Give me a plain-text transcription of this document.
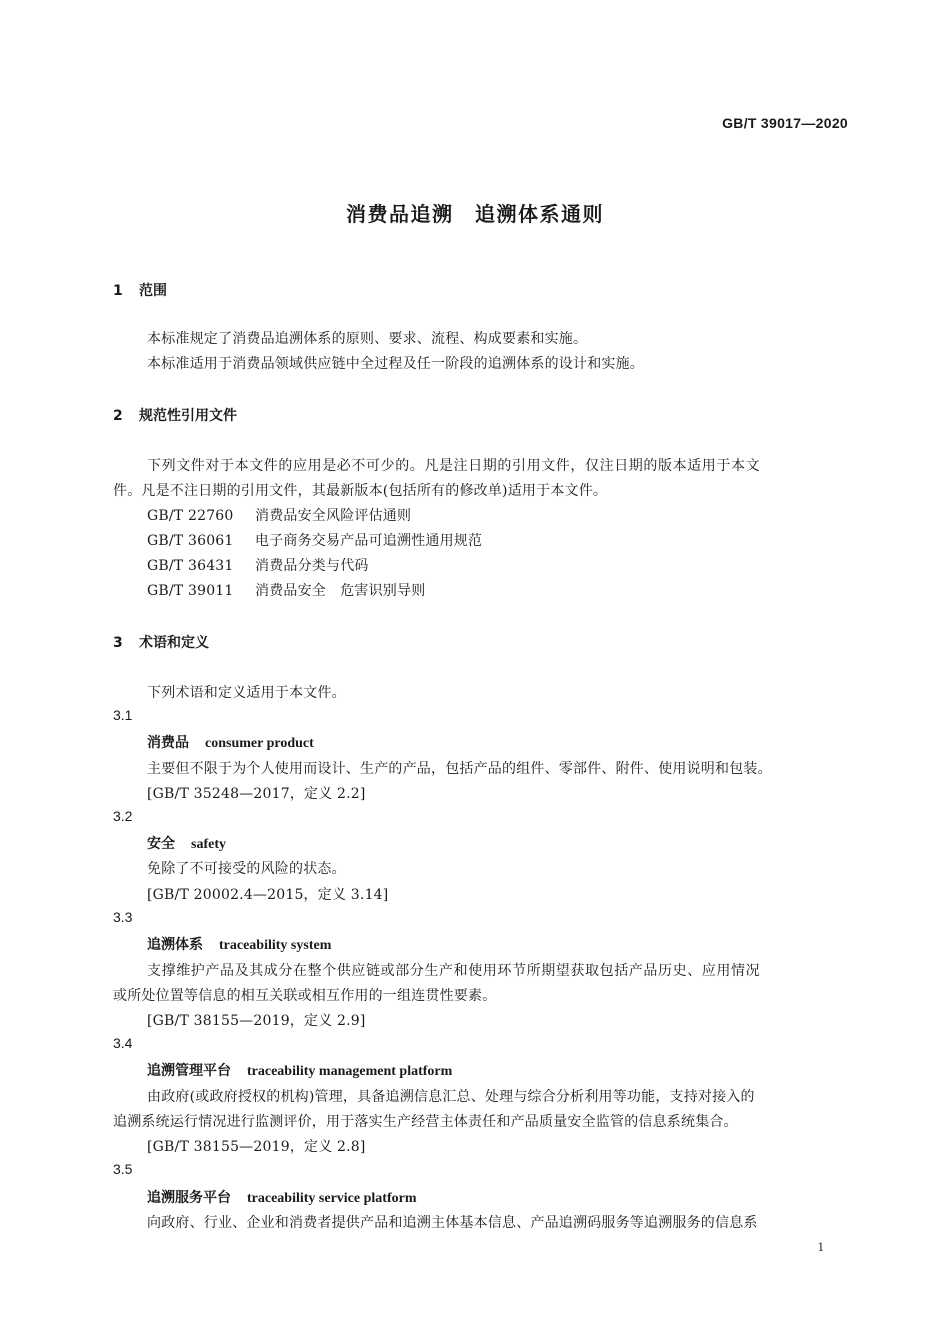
GB/T 39017—2020
消费品追溯　追溯体系通则
1 范围
本标准规定了消费品追溯体系的原则、要求、流程、构成要素和实施。
本标准适用于消费品领域供应链中全过程及任一阶段的追溯体系的设计和实施。
2 规范性引用文件
下列文件对于本文件的应用是必不可少的。凡是注日期的引用文件，仅注日期的版本适用于本文
件。凡是不注日期的引用文件，其最新版本(包括所有的修改单)适用于本文件。
GB/T 22760 消费品安全风险评估通则
GB/T 36061 电子商务交易产品可追溯性通用规范
GB/T 36431 消费品分类与代码
GB/T 39011 消费品安全　危害识别导则
3 术语和定义
下列术语和定义适用于本文件。
3.1
消费品 consumer product
主要但不限于为个人使用而设计、生产的产品，包括产品的组件、零部件、附件、使用说明和包装。
[GB/T 35248—2017，定义 2.2]
3.2
安全 safety
免除了不可接受的风险的状态。
[GB/T 20002.4—2015，定义 3.14]
3.3
追溯体系 traceability system
支撑维护产品及其成分在整个供应链或部分生产和使用环节所期望获取包括产品历史、应用情况
或所处位置等信息的相互关联或相互作用的一组连贯性要素。
[GB/T 38155—2019，定义 2.9]
3.4
追溯管理平台 traceability management platform
由政府(或政府授权的机构)管理，具备追溯信息汇总、处理与综合分析利用等功能，支持对接入的
追溯系统运行情况进行监测评价，用于落实生产经营主体责任和产品质量安全监管的信息系统集合。
[GB/T 38155—2019，定义 2.8]
3.5
追溯服务平台 traceability service platform
向政府、行业、企业和消费者提供产品和追溯主体基本信息、产品追溯码服务等追溯服务的信息系
1
